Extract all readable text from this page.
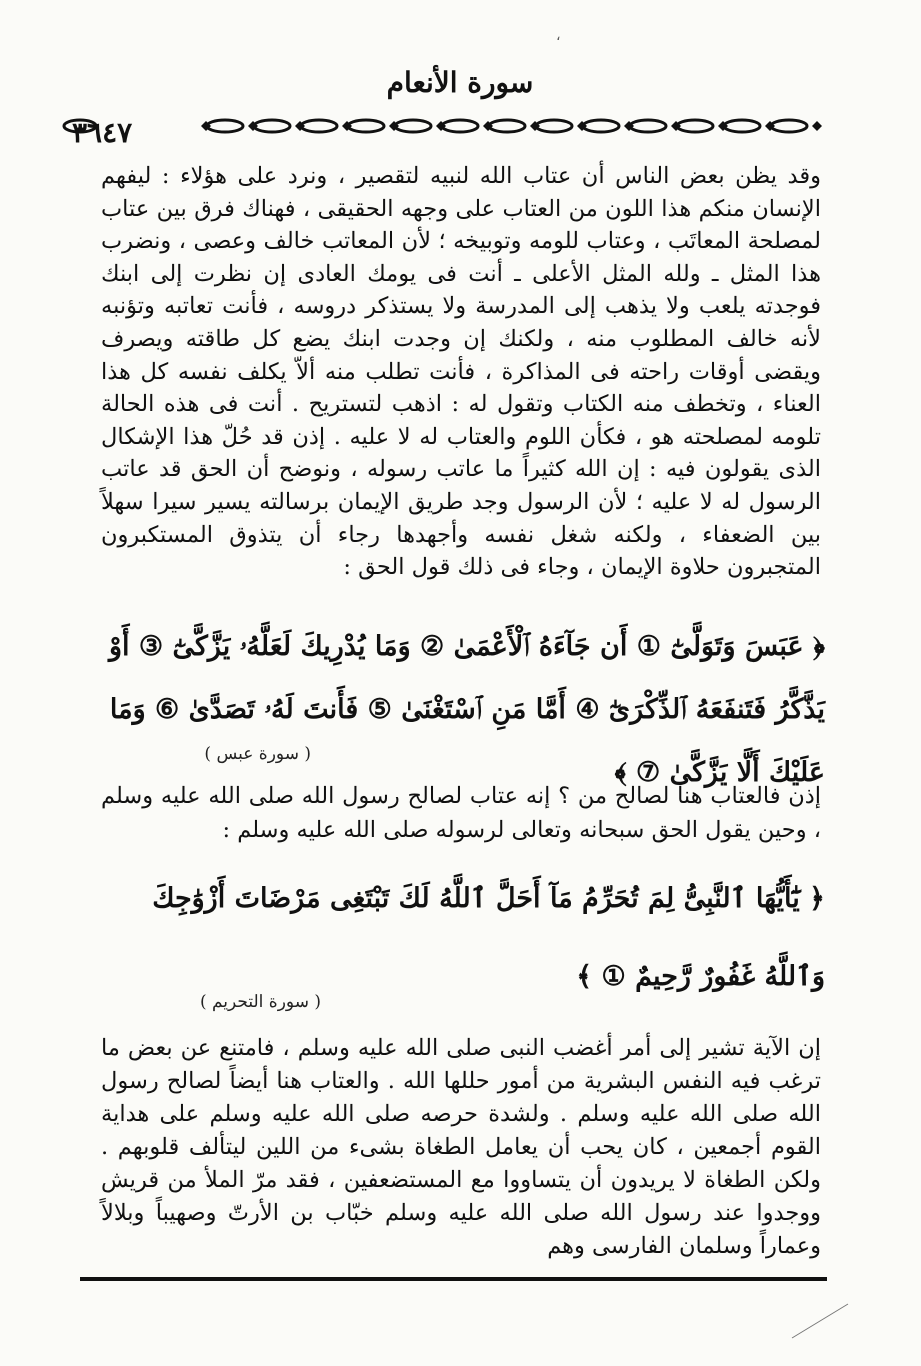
،
سورة الأنعام
٣٦٤٧
وقد يظن بعض الناس أن عتاب الله لنبيه لتقصير ، ونرد على هؤلاء : ليفهم الإنسان منكم هذا اللون من العتاب على وجهه الحقيقى ، فهناك فرق بين عتاب لمصلحة المعاتَب ، وعتاب للومه وتوبيخه ؛ لأن المعاتب خالف وعصى ، ونضرب هذا المثل ـ ولله المثل الأعلى ـ أنت فى يومك العادى إن نظرت إلى ابنك فوجدته يلعب ولا يذهب إلى المدرسة ولا يستذكر دروسه ، فأنت تعاتبه وتؤنبه لأنه خالف المطلوب منه ، ولكنك إن وجدت ابنك يضع كل طاقته ويصرف ويقضى أوقات راحته فى المذاكرة ، فأنت تطلب منه ألاّ يكلف نفسه كل هذا العناء ، وتخطف منه الكتاب وتقول له : اذهب لتستريح . أنت فى هذه الحالة تلومه لمصلحته هو ، فكأن اللوم والعتاب له لا عليه . إذن قد حُلّ هذا الإشكال الذى يقولون فيه : إن الله كثيراً ما عاتب رسوله ، ونوضح أن الحق قد عاتب الرسول له لا عليه ؛ لأن الرسول وجد طريق الإيمان برسالته يسير سيرا سهلاً بين الضعفاء ، ولكنه شغل نفسه وأجهدها رجاء أن يتذوق المستكبرون المتجبرون حلاوة الإيمان ، وجاء فى ذلك قول الحق :
﴿ عَبَسَ وَتَوَلَّىٰٓ ① أَن جَآءَهُ ٱلْأَعْمَىٰ ② وَمَا يُدْرِيكَ لَعَلَّهُۥ يَزَّكَّىٰٓ ③ أَوْ يَذَّكَّرُ فَتَنفَعَهُ ٱلذِّكْرَىٰٓ ④ أَمَّا مَنِ ٱسْتَغْنَىٰ ⑤ فَأَنتَ لَهُۥ تَصَدَّىٰ ⑥ وَمَا عَلَيْكَ أَلَّا يَزَّكَّىٰ ⑦ ﴾
( سورة عبس )
إذن فالعتاب هنا لصالح من ؟ إنه عتاب لصالح رسول الله صلى الله عليه وسلم ، وحين يقول الحق سبحانه وتعالى لرسوله صلى الله عليه وسلم :
﴿ يَٰٓأَيُّهَا ٱلنَّبِىُّ لِمَ تُحَرِّمُ مَآ أَحَلَّ ٱللَّهُ لَكَ تَبْتَغِى مَرْضَاتَ أَزْوَٰجِكَ وَٱللَّهُ غَفُورٌ رَّحِيمٌ ① ﴾
( سورة التحريم )
إن الآية تشير إلى أمر أغضب النبى صلى الله عليه وسلم ، فامتنع عن بعض ما ترغب فيه النفس البشرية من أمور حللها الله . والعتاب هنا أيضاً لصالح رسول الله صلى الله عليه وسلم . ولشدة حرصه صلى الله عليه وسلم على هداية القوم أجمعين ، كان يحب أن يعامل الطغاة بشىء من اللين ليتألف قلوبهم . ولكن الطغاة لا يريدون أن يتساووا مع المستضعفين ، فقد مرّ الملأ من قريش ووجدوا عند رسول الله صلى الله عليه وسلم خبّاب بن الأرتّ وصهيباً وبلالاً وعماراً وسلمان الفارسى وهم
